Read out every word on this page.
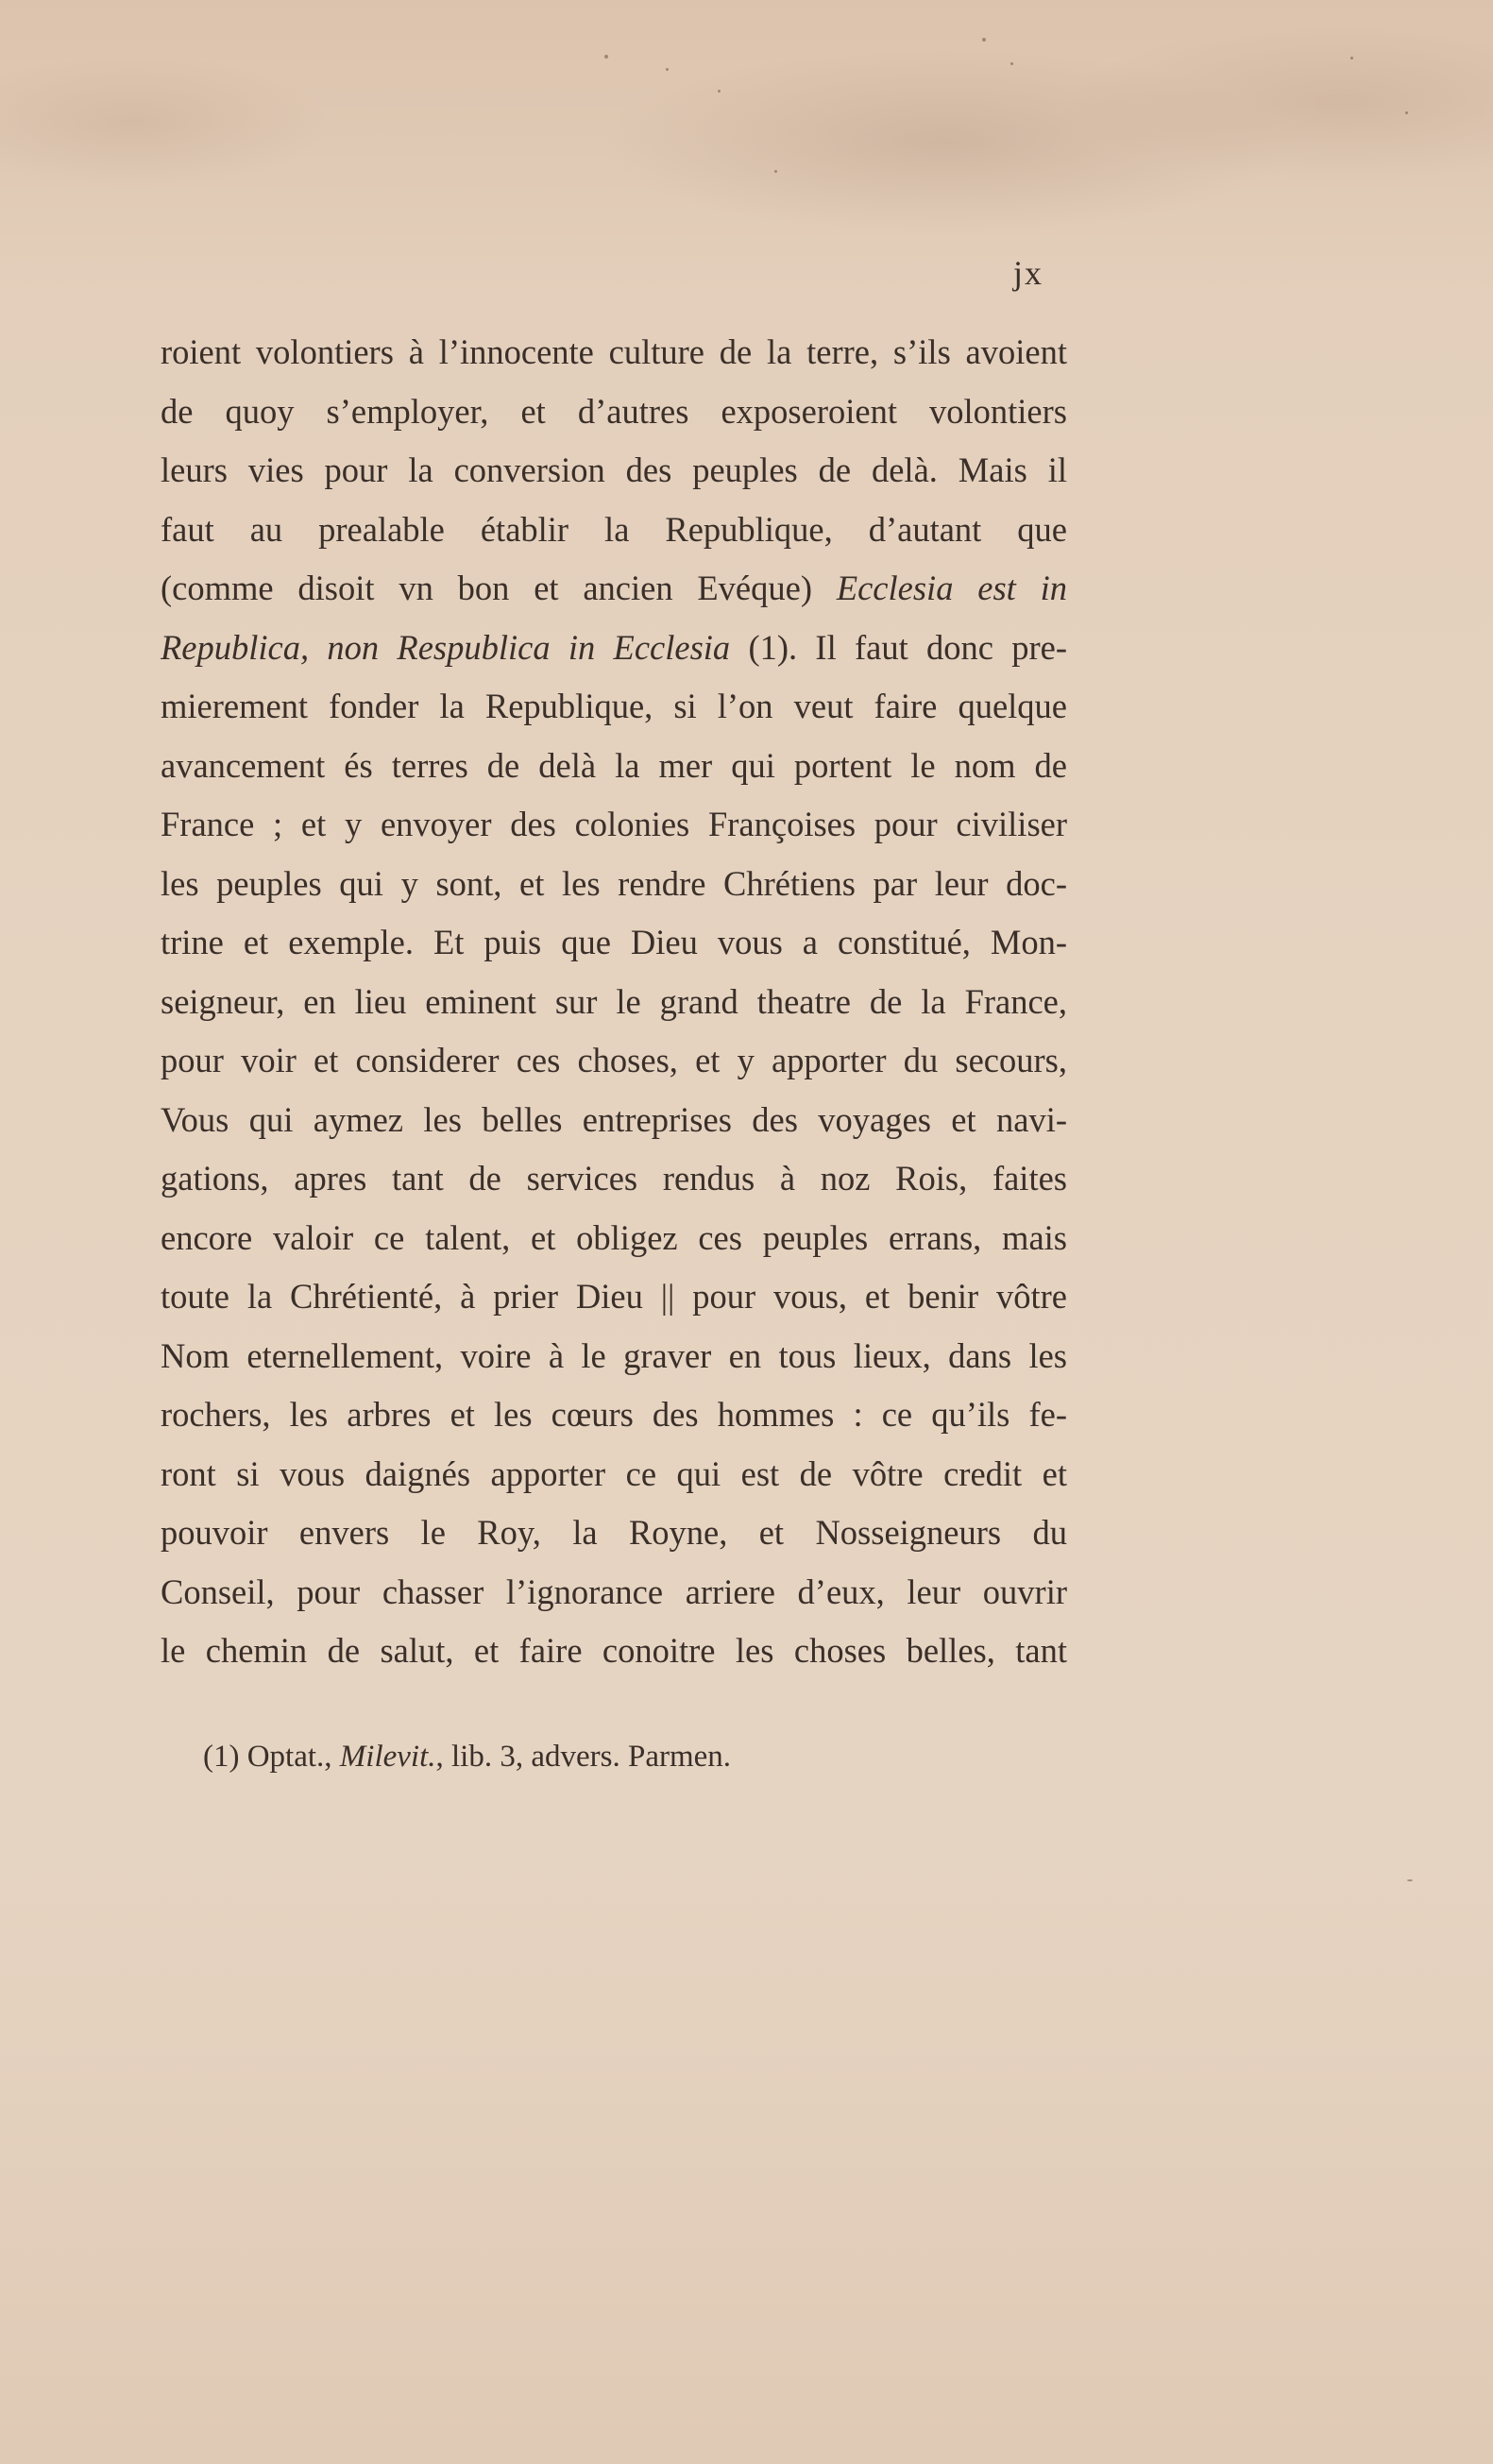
jx
roient volontiers à l’innocente culture de la terre, s’ils avoient
de quoy s’employer, et d’autres exposeroient volontiers
leurs vies pour la conversion des peuples de delà. Mais il
faut au prealable établir la Republique, d’autant que
(comme disoit vn bon et ancien Evéque) Ecclesia est in
Republica, non Respublica in Ecclesia (1). Il faut donc pre-
mierement fonder la Republique, si l’on veut faire quelque
avancement és terres de delà la mer qui portent le nom de
France ; et y envoyer des colonies Françoises pour civiliser
les peuples qui y sont, et les rendre Chrétiens par leur doc-
trine et exemple. Et puis que Dieu vous a constitué, Mon-
seigneur, en lieu eminent sur le grand theatre de la France,
pour voir et considerer ces choses, et y apporter du secours,
Vous qui aymez les belles entreprises des voyages et navi-
gations, apres tant de services rendus à noz Rois, faites
encore valoir ce talent, et obligez ces peuples errans, mais
toute la Chrétienté, à prier Dieu || pour vous, et benir vôtre
Nom eternellement, voire à le graver en tous lieux, dans les
rochers, les arbres et les cœurs des hommes : ce qu’ils fe-
ront si vous daignés apporter ce qui est de vôtre credit et
pouvoir envers le Roy, la Royne, et Nosseigneurs du
Conseil, pour chasser l’ignorance arriere d’eux, leur ouvrir
le chemin de salut, et faire conoitre les choses belles, tant
(1) Optat., Milevit., lib. 3, advers. Parmen.
